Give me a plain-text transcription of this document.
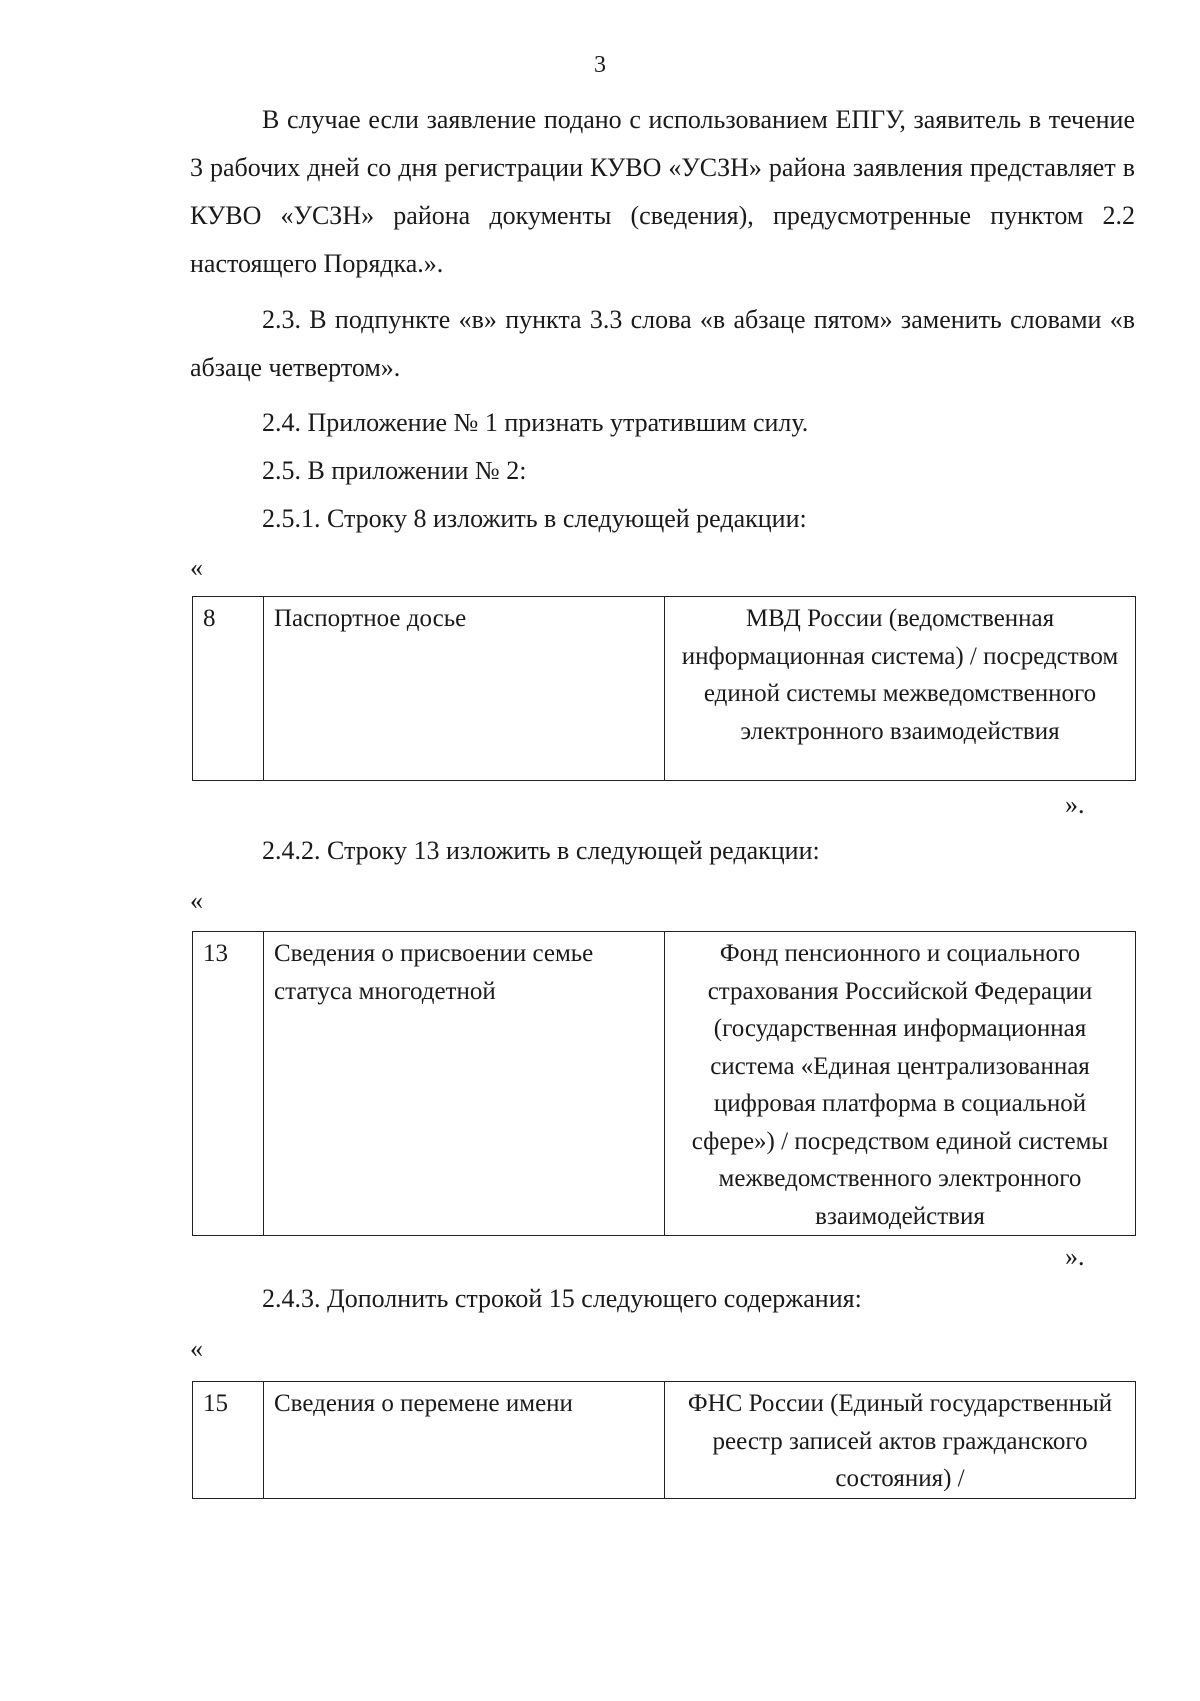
3

В случае если заявление подано с использованием ЕПГУ, заявитель в течение 3 рабочих дней со дня регистрации КУВО «УСЗН» района заявления представляет в КУВО «УСЗН» района документы (сведения), предусмотренные пунктом 2.2 настоящего Порядка.».

2.3. В подпункте «в» пункта 3.3 слова «в абзаце пятом» заменить словами «в абзаце четвертом».

2.4. Приложение № 1 признать утратившим силу.
2.5. В приложении № 2:
2.5.1. Строку 8 изложить в следующей редакции:
«
8	Паспортное досье	МВД России (ведомственная информационная система) / посредством единой системы межведомственного электронного взаимодействия
».
2.4.2. Строку 13 изложить в следующей редакции:
«
13	Сведения о присвоении семье статуса многодетной	Фонд пенсионного и социального страхования Российской Федерации (государственная информационная система «Единая централизованная цифровая платформа в социальной сфере») / посредством единой системы межведомственного электронного взаимодействия
».
2.4.3. Дополнить строкой 15 следующего содержания:
«
15	Сведения о перемене имени	ФНС России (Единый государственный реестр записей актов гражданского состояния) /
